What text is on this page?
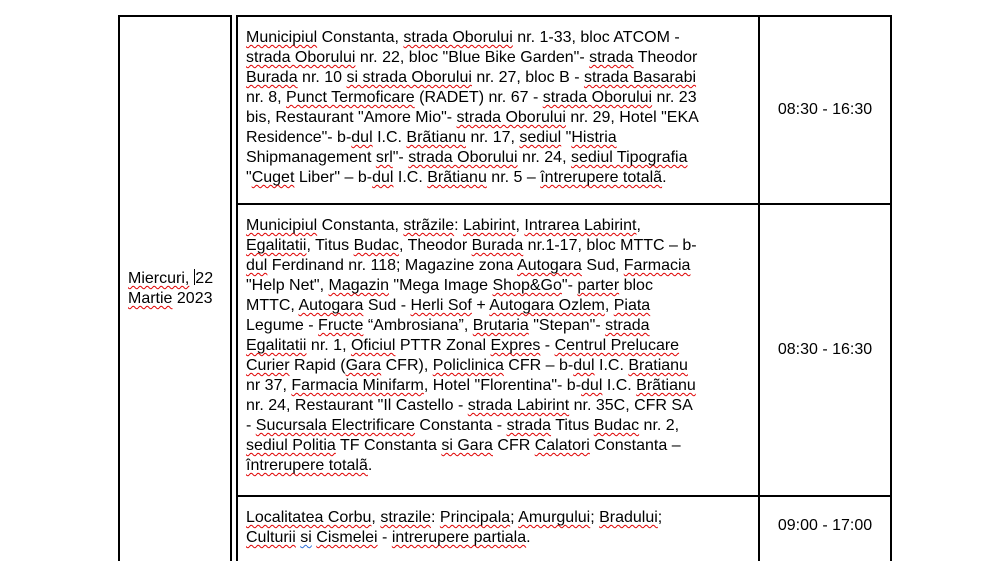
Miercuri, 22
Martie 2023
Municipiul Constanta, strada Oborului nr. 1-33, bloc ATCOM -
strada Oborului nr. 22, bloc "Blue Bike Garden"- strada Theodor
Burada nr. 10 si strada Oborului nr. 27, bloc B - strada Basarabi
nr. 8, Punct Termoficare (RADET) nr. 67 - strada Oborului nr. 23
bis, Restaurant "Amore Mio"- strada Oborului nr. 29, Hotel "EKA
Residence"- b-dul I.C. Brãtianu nr. 17, sediul "Histria
Shipmanagement srl"- strada Oborului nr. 24, sediul Tipografia
"Cuget Liber" – b-dul I.C. Brãtianu nr. 5 – întrerupere totalã.
08:30 - 16:30
Municipiul Constanta, strãzile: Labirint, Intrarea Labirint,
Egalitatii, Titus Budac, Theodor Burada nr.1-17, bloc MTTC – b-
dul Ferdinand nr. 118; Magazine zona Autogara Sud, Farmacia
"Help Net", Magazin "Mega Image Shop&Go"- parter bloc
MTTC, Autogara Sud - Herli Sof + Autogara Ozlem, Piata
Legume - Fructe “Ambrosiana”, Brutaria "Stepan"- strada
Egalitatii nr. 1, Oficiul PTTR Zonal Expres - Centrul Prelucare
Curier Rapid (Gara CFR), Policlinica CFR – b-dul I.C. Bratianu
nr 37, Farmacia Minifarm, Hotel "Florentina"- b-dul I.C. Brãtianu
nr. 24, Restaurant "Il Castello - strada Labirint nr. 35C, CFR SA
- Sucursala Electrificare Constanta - strada Titus Budac nr. 2,
sediul Politia TF Constanta si Gara CFR Calatori Constanta –
întrerupere totalã.
08:30 - 16:30
Localitatea Corbu, strazile: Principala; Amurgului; Bradului;
Culturii si Cismelei - intrerupere partiala.
09:00 - 17:00
